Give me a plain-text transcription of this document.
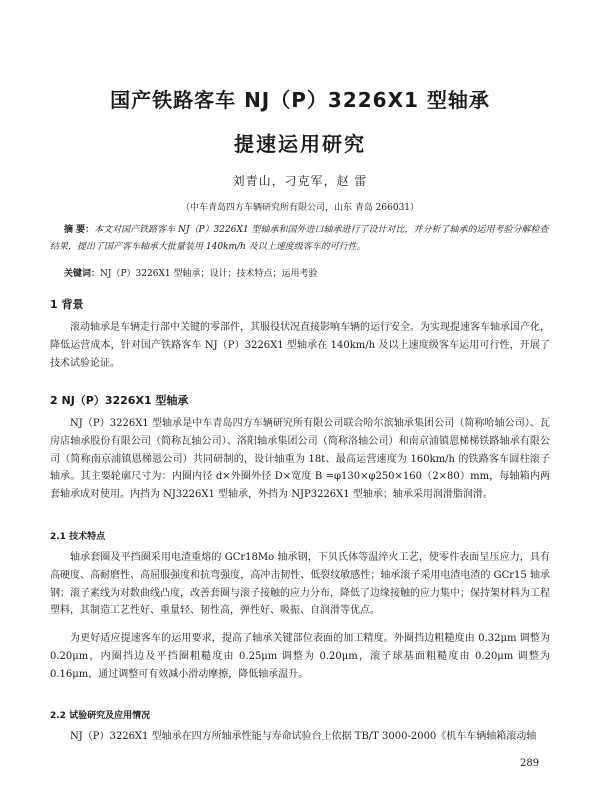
国产铁路客车 NJ（P）3226X1 型轴承
提速运用研究
刘青山，刁克军，赵 雷
（中车青岛四方车辆研究所有限公司，山东 青岛 266031）
摘 要：本文对国产铁路客车 NJ（P）3226X1 型轴承和国外进口轴承进行了设计对比，并分析了轴承的运用考验分解检查结果，提出了国产客车轴承大批量装用 140km/h 及以上速度级客车的可行性。
关键词：NJ（P）3226X1 型轴承；设计；技术特点；运用考验
1 背景
滚动轴承是车辆走行部中关键的零部件，其服役状况直接影响车辆的运行安全。为实现提速客车轴承国产化，降低运营成本，针对国产铁路客车 NJ（P）3226X1 型轴承在 140km/h 及以上速度级客车运用可行性，开展了技术试验论证。
2 NJ（P）3226X1 型轴承
NJ（P）3226X1 型轴承是中车青岛四方车辆研究所有限公司联合哈尔滨轴承集团公司（简称哈轴公司）、瓦房店轴承股份有限公司（简称瓦轴公司）、洛阳轴承集团公司（简称洛轴公司）和南京浦镇恩梯梯铁路轴承有限公司（简称南京浦镇恩梯恩公司）共同研制的，设计轴重为 18t、最高运营速度为 160km/h 的铁路客车圆柱滚子轴承。其主要轮廓尺寸为：内圈内径 d×外圈外径 D×宽度 B =φ130×φ250×160（2×80）mm，每轴箱内两套轴承成对使用。内挡为 NJ3226X1 型轴承，外挡为 NJP3226X1 型轴承；轴承采用润滑脂润滑。
2.1 技术特点
轴承套圈及平挡圈采用电渣重熔的 GCr18Mo 轴承钢，下贝氏体等温淬火工艺，使零件表面呈压应力，具有高硬度、高耐磨性、高屈服强度和抗弯强度，高冲击韧性、低裂纹敏感性；轴承滚子采用电渣电渣的 GCr15 轴承钢；滚子素线为对数曲线凸度，改善套圈与滚子接触的应力分布，降低了边缘接触的应力集中；保持架材料为工程塑料，其制造工艺性好、重量轻、韧性高，弹性好、吸振、自润滑等优点。
为更好适应提速客车的运用要求，提高了轴承关键部位表面的加工精度。外圈挡边粗糙度由 0.32μm 调整为 0.20μm，内圈挡边及平挡圈粗糙度由 0.25μm 调整为 0.20μm，滚子球基面粗糙度由 0.20μm 调整为 0.16μm，通过调整可有效减小滑动摩擦，降低轴承温升。
2.2 试验研究及应用情况
NJ（P）3226X1 型轴承在四方所轴承性能与寿命试验台上依据 TB/T 3000-2000《机车车辆轴箱滚动轴
289
